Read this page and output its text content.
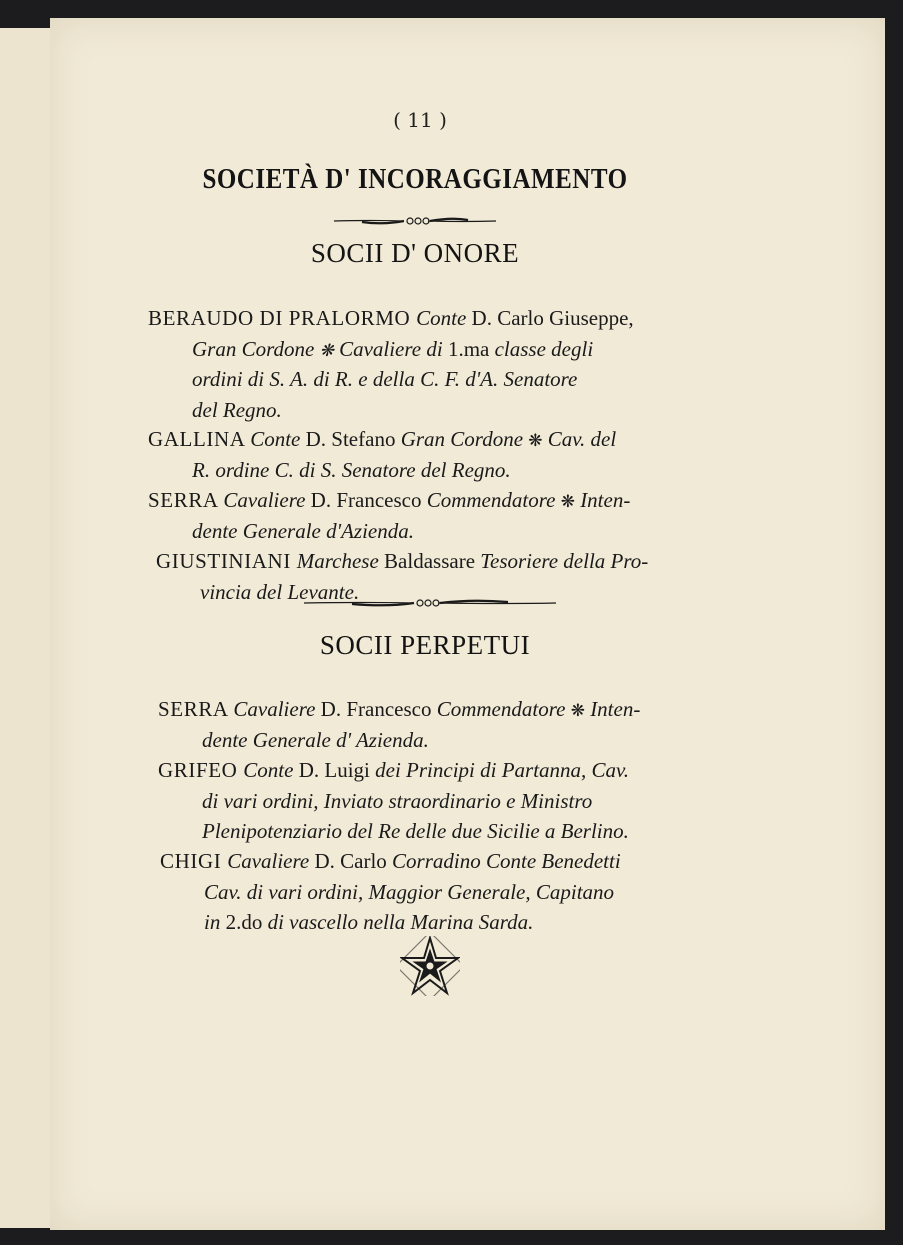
( 11 )
SOCIETÀ D' INCORAGGIAMENTO
SOCII D' ONORE
BERAUDO DI PRALORMO Conte D. Carlo Giuseppe,
Gran Cordone ❋ Cavaliere di 1.ma classe degli
ordini di S. A. di R. e della C. F. d'A. Senatore
del Regno.
GALLINA Conte D. Stefano Gran Cordone ❋ Cav. del
R. ordine C. di S. Senatore del Regno.
SERRA Cavaliere D. Francesco Commendatore ❋ Inten-
dente Generale d'Azienda.
GIUSTINIANI Marchese Baldassare Tesoriere della Pro-
vincia del Levante.
SOCII PERPETUI
SERRA Cavaliere D. Francesco Commendatore ❋ Inten-
dente Generale d' Azienda.
GRIFEO Conte D. Luigi dei Principi di Partanna, Cav.
di vari ordini, Inviato straordinario e Ministro
Plenipotenziario del Re delle due Sicilie a Berlino.
CHIGI Cavaliere D. Carlo Corradino Conte Benedetti
Cav. di vari ordini, Maggior Generale, Capitano
in 2.do di vascello nella Marina Sarda.
